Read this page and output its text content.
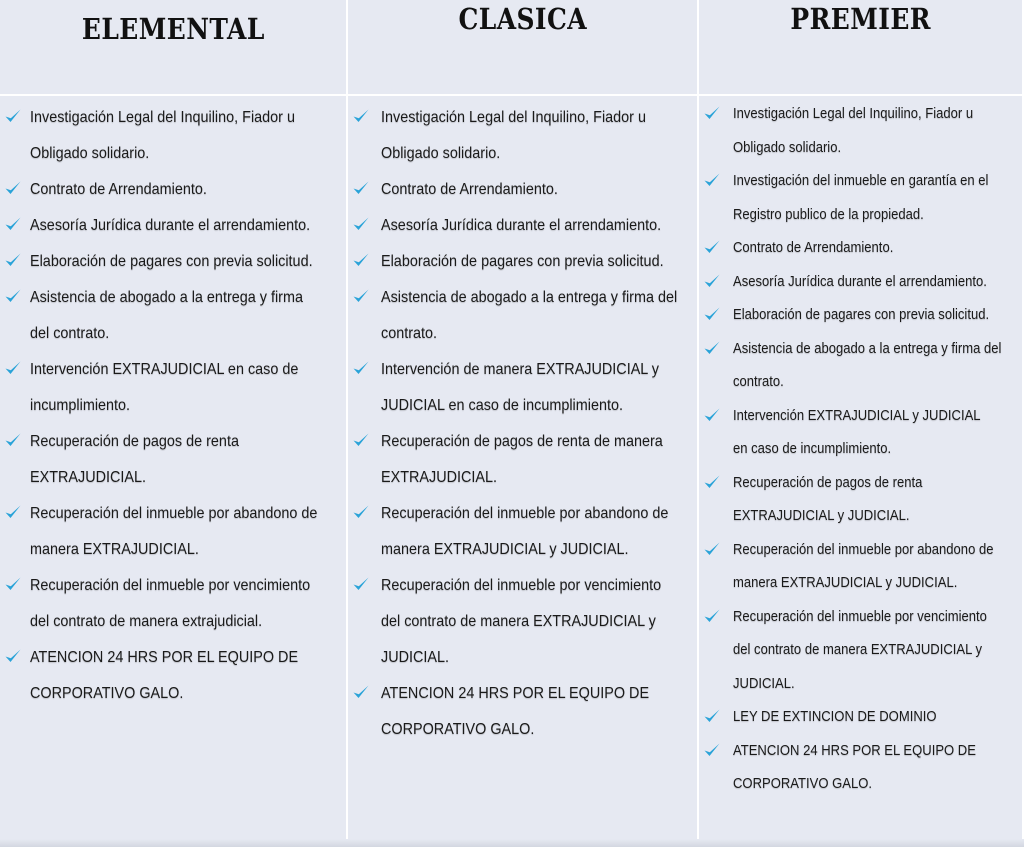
ELEMENTAL
Investigación Legal del Inquilino, Fiador u
Obligado solidario.
Contrato de Arrendamiento.
Asesoría Jurídica durante el arrendamiento.
Elaboración de pagares con previa solicitud.
Asistencia de abogado a la entrega y firma
del contrato.
Intervención EXTRAJUDICIAL en caso de
incumplimiento.
Recuperación de pagos de renta
EXTRAJUDICIAL.
Recuperación del inmueble por abandono de
manera EXTRAJUDICIAL.
Recuperación del inmueble por vencimiento
del contrato de manera extrajudicial.
ATENCION 24 HRS POR EL EQUIPO DE
CORPORATIVO GALO.
CLASICA
Investigación Legal del Inquilino, Fiador u
Obligado solidario.
Contrato de Arrendamiento.
Asesoría Jurídica durante el arrendamiento.
Elaboración de pagares con previa solicitud.
Asistencia de abogado a la entrega y firma del
contrato.
Intervención de manera EXTRAJUDICIAL y
JUDICIAL en caso de incumplimiento.
Recuperación de pagos de renta de manera
EXTRAJUDICIAL.
Recuperación del inmueble por abandono de
manera EXTRAJUDICIAL y JUDICIAL.
Recuperación del inmueble por vencimiento
del contrato de manera EXTRAJUDICIAL y
JUDICIAL.
ATENCION 24 HRS POR EL EQUIPO DE
CORPORATIVO GALO.
PREMIER
Investigación Legal del Inquilino, Fiador u
Obligado solidario.
Investigación del inmueble en garantía en el
Registro publico de la propiedad.
Contrato de Arrendamiento.
Asesoría Jurídica durante el arrendamiento.
Elaboración de pagares con previa solicitud.
Asistencia de abogado a la entrega y firma del
contrato.
Intervención EXTRAJUDICIAL y JUDICIAL
en caso de incumplimiento.
Recuperación de pagos de renta
EXTRAJUDICIAL y JUDICIAL.
Recuperación del inmueble por abandono de
manera EXTRAJUDICIAL y JUDICIAL.
Recuperación del inmueble por vencimiento
del contrato de manera EXTRAJUDICIAL y
JUDICIAL.
LEY DE EXTINCION DE DOMINIO
ATENCION 24 HRS POR EL EQUIPO DE
CORPORATIVO GALO.
